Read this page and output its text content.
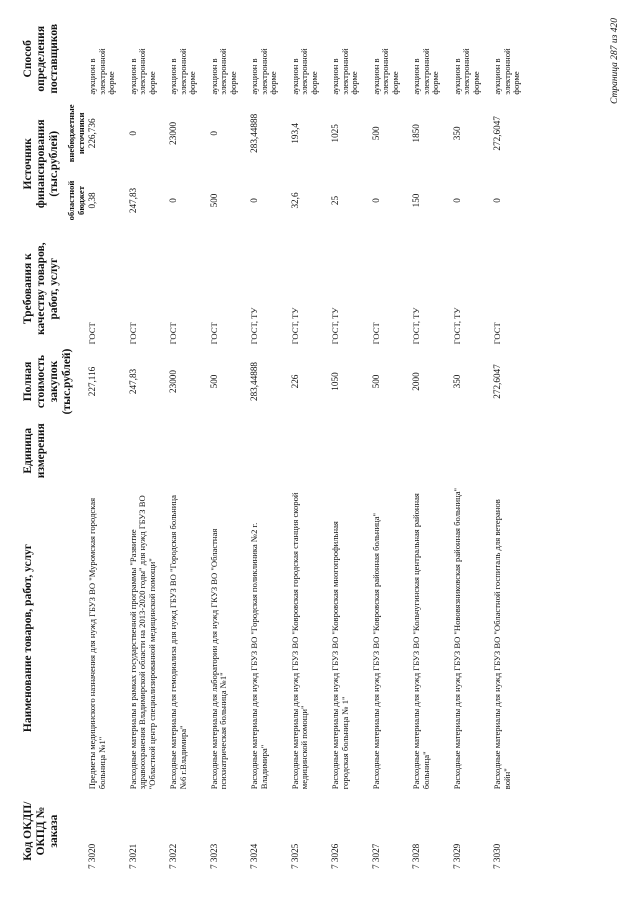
Код ОКДП/ ОКПД № заказа	Наименование товаров, работ, услуг	Единица измерения	Полная стоимость закупок (тыс.рублей)	Требования к качеству товаров, работ, услуг	Источник финансирования (тыс.рублей)		Способ определения поставщиков
					областной бюджет	внебюджетные источники	
7 3020	Предметы медицинского назначения для нужд ГБУЗ ВО "Муромская городская больница №1"		227,116	ГОСТ	0,38	226,736	аукцион в электронной форме
7 3021	Расходные материалы в рамках государственной программы "Развитие здравоохранения Владимирской области на 2013-2020 годы" для нужд ГБУЗ ВО "Областной центр специализированной медицинской помощи"		247,83	ГОСТ	247,83	0	аукцион в электронной форме
7 3022	Расходные материалы для гемодиализа для нужд ГБУЗ ВО "Городская больница №6 г.Владимира"		23000	ГОСТ	0	23000	аукцион в электронной форме
7 3023	Расходные материалы для лаборатории для нужд ГКУЗ ВО "Областная психиатрическая больница №1"		500	ГОСТ	500	0	аукцион в электронной форме
7 3024	Расходные материалы для нужд ГБУЗ ВО "Городская поликлиника №2 г. Владимира"		283,44888	ГОСТ, ТУ	0	283,44888	аукцион в электронной форме
7 3025	Расходные материалы для нужд ГБУЗ ВО "Ковровская городская станция скорой медицинской помощи"		226	ГОСТ, ТУ	32,6	193,4	аукцион в электронной форме
7 3026	Расходные материалы для нужд ГБУЗ ВО "Ковровская многопрофильная городская больница № 1"		1050	ГОСТ, ТУ	25	1025	аукцион в электронной форме
7 3027	Расходные материалы для нужд ГБУЗ ВО "Ковровская районная больница"		500	ГОСТ	0	500	аукцион в электронной форме
7 3028	Расходные материалы для нужд ГБУЗ ВО "Кольчугинская центральная районная больница"		2000	ГОСТ, ТУ	150	1850	аукцион в электронной форме
7 3029	Расходные материалы для нужд ГБУЗ ВО "Нововязниковская районная больница"		350	ГОСТ, ТУ	0	350	аукцион в электронной форме
7 3030	Расходные материалы для нужд ГБУЗ ВО "Областной госпиталь для ветеранов войн"		272,6047	ГОСТ	0	272,6047	аукцион в электронной форме	Страница 287 из 420
